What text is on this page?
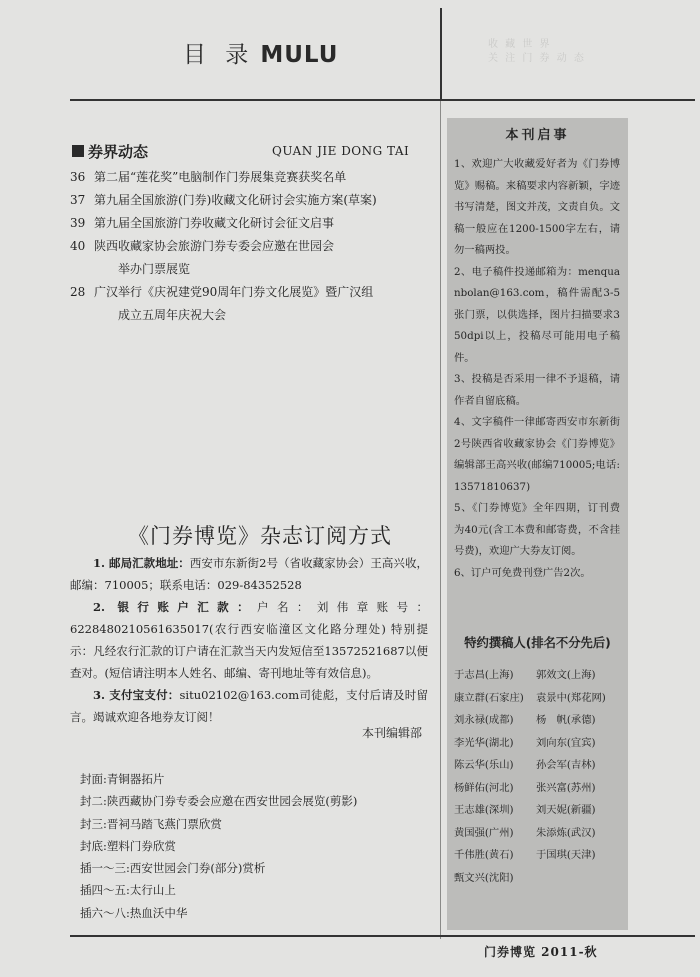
目 录 MULU	收 藏 世 界
关 注 门 券 动 态
券界动态	QUAN JIE DONG TAI
36 第二届“莲花奖”电脑制作门券展集竞赛获奖名单
37 第九届全国旅游(门券)收藏文化研讨会实施方案(草案)
39 第九届全国旅游门券收藏文化研讨会征文启事
40 陕西收藏家协会旅游门券专委会应邀在世园会
举办门票展览
28 广汉举行《庆祝建党90周年门券文化展览》暨广汉组
成立五周年庆祝大会
《门券博览》杂志订阅方式

1. 邮局汇款地址：西安市东新街2号（省收藏家协会）王高兴收，邮编：710005；联系电话：029-84352528

2. 银行账户汇款：户名：刘伟章账号：6228480210561635017(农行西安临潼区文化路分理处) 特别提示：凡经农行汇款的订户请在汇款当天内发短信至13572521687以便查对。(短信请注明本人姓名、邮编、寄刊地址等有效信息)。

3. 支付宝支付：situ02102@163.com司徒彪，支付后请及时留言。竭诚欢迎各地券友订阅！

本刊编辑部
封面:青铜器拓片
封二:陕西藏协门券专委会应邀在西安世园会展览(剪影)
封三:晋祠马踏飞燕门票欣赏
封底:塑料门券欣赏
插一～三:西安世园会门券(部分)赏析
插四～五:太行山上
插六～八:热血沃中华
本刊启事

1、欢迎广大收藏爱好者为《门券博览》赐稿。来稿要求内容新颖，字迹书写清楚，图文并茂，文责自负。文稿一般应在1200-1500字左右，请勿一稿两投。

2、电子稿件投递邮箱为：menquanbolan@163.com，稿件需配3-5张门票，以供选择，图片扫描要求350dpi以上，投稿尽可能用电子稿件。

3、投稿是否采用一律不予退稿，请作者自留底稿。

4、文字稿件一律邮寄西安市东新街2号陕西省收藏家协会《门券博览》编辑部王高兴收(邮编710005;电话:13571810637)

5、《门券博览》全年四期，订刊费为40元(含工本费和邮寄费，不含挂号费)，欢迎广大券友订阅。

6、订户可免费刊登广告2次。

特约撰稿人(排名不分先后)
于志昌(上海) 郭效文(上海)
康立群(石家庄) 袁景中(郑花网)
刘永禄(成都) 杨　帆(承德)
李光华(湖北) 刘向东(宜宾)
陈云华(乐山) 孙会军(吉林)
杨鲜佑(河北) 张兴富(苏州)
王志雄(深圳) 刘天妮(新疆)
黄国强(广州) 朱添炼(武汉)
千伟胜(黄石) 于国琪(天津)
甄文兴(沈阳)
门券博览 2011-秋
